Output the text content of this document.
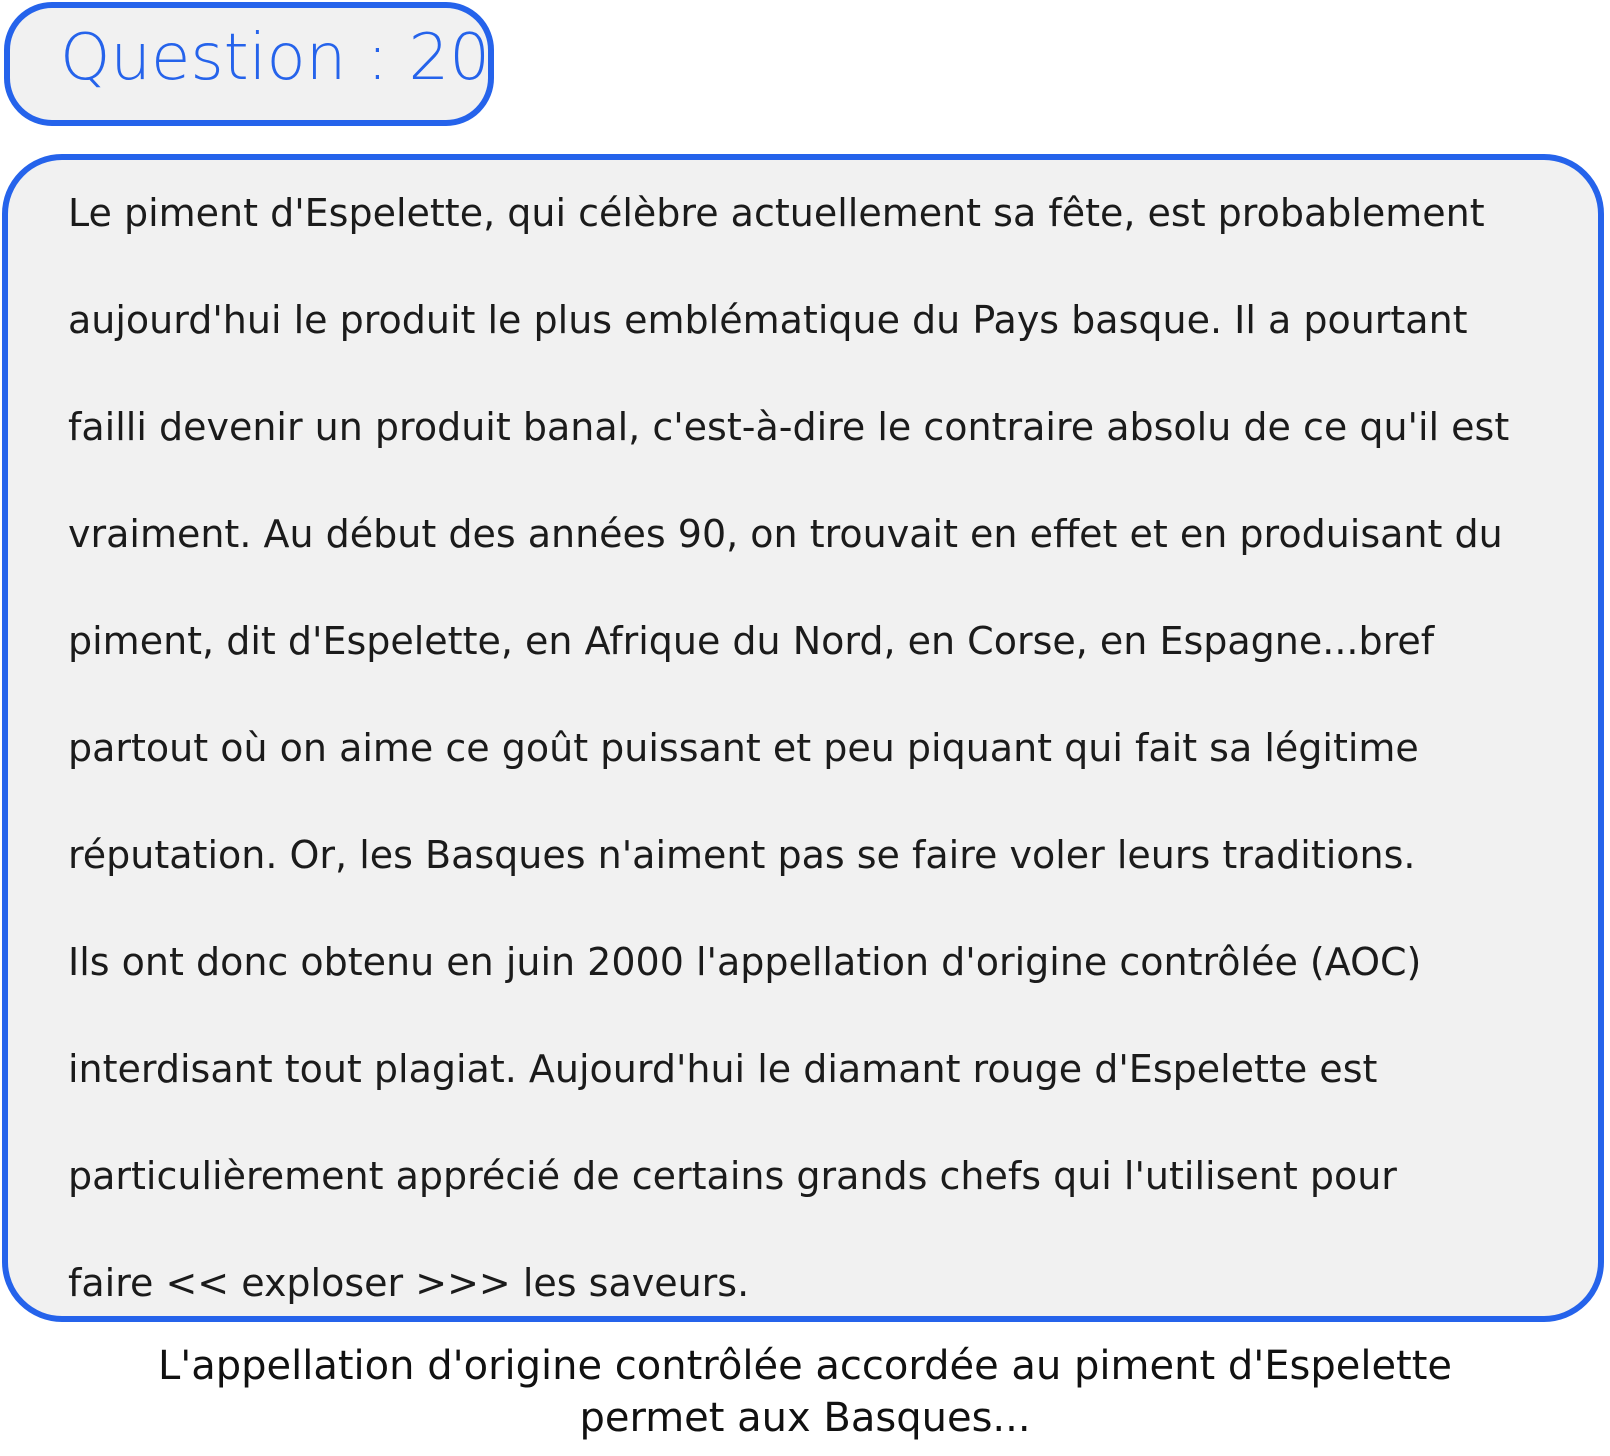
Question : 20
Le piment d'Espelette, qui célèbre actuellement sa fête, est probablement
aujourd'hui le produit le plus emblématique du Pays basque. Il a pourtant
failli devenir un produit banal, c'est-à-dire le contraire absolu de ce qu'il est
vraiment. Au début des années 90, on trouvait en effet et en produisant du
piment, dit d'Espelette, en Afrique du Nord, en Corse, en Espagne...bref
partout où on aime ce goût puissant et peu piquant qui fait sa légitime
réputation. Or, les Basques n'aiment pas se faire voler leurs traditions.
Ils ont donc obtenu en juin 2000 l'appellation d'origine contrôlée (AOC)
interdisant tout plagiat. Aujourd'hui le diamant rouge d'Espelette est
particulièrement apprécié de certains grands chefs qui l'utilisent pour
faire << exploser >>> les saveurs.
L'appellation d'origine contrôlée accordée au piment d'Espelette
permet aux Basques...
